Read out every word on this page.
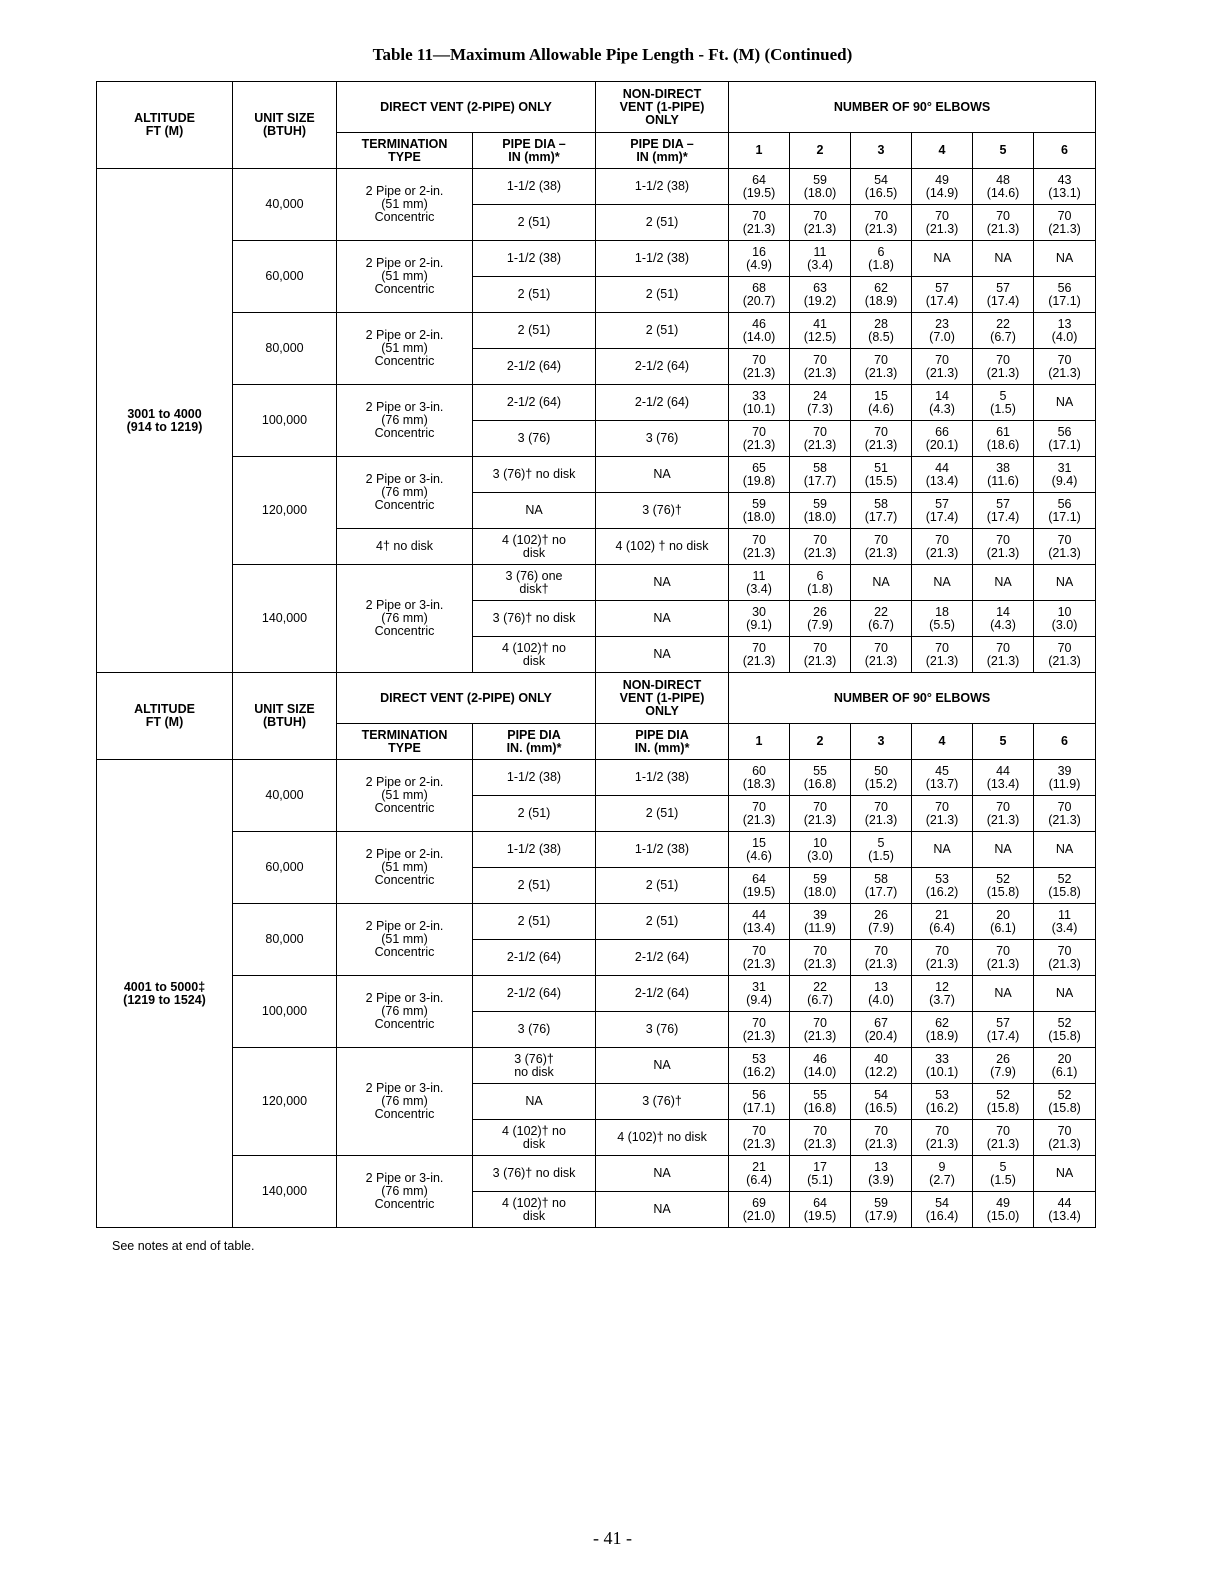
Table 11—Maximum Allowable Pipe Length - Ft. (M) (Continued)
ALTITUDE
FT (M)	UNIT SIZE
(BTUH)	DIRECT VENT (2-PIPE) ONLY		NON-DIRECT
VENT (1-PIPE)
ONLY	NUMBER OF 90° ELBOWS					

		TERMINATION
TYPE	PIPE DIA –
IN (mm)*	PIPE DIA –
IN (mm)*	1	2	3	4	5	6

3001 to 4000
(914 to 1219)	40,000	2 Pipe or 2-in.
(51 mm)
Concentric	1-1/2 (38)	1-1/2 (38)	64
(19.5)	59
(18.0)	54
(16.5)	49
(14.9)	48
(14.6)	43
(13.1)

			2 (51)	2 (51)	70
(21.3)	70
(21.3)	70
(21.3)	70
(21.3)	70
(21.3)	70
(21.3)

	60,000	2 Pipe or 2-in.
(51 mm)
Concentric	1-1/2 (38)	1-1/2 (38)	16
(4.9)	11
(3.4)	6
(1.8)	NA	NA	NA

			2 (51)	2 (51)	68
(20.7)	63
(19.2)	62
(18.9)	57
(17.4)	57
(17.4)	56
(17.1)

	80,000	2 Pipe or 2-in.
(51 mm)
Concentric	2 (51)	2 (51)	46
(14.0)	41
(12.5)	28
(8.5)	23
(7.0)	22
(6.7)	13
(4.0)

			2-1/2 (64)	2-1/2 (64)	70
(21.3)	70
(21.3)	70
(21.3)	70
(21.3)	70
(21.3)	70
(21.3)

	100,000	2 Pipe or 3-in.
(76 mm)
Concentric	2-1/2 (64)	2-1/2 (64)	33
(10.1)	24
(7.3)	15
(4.6)	14
(4.3)	5
(1.5)	NA

			3 (76)	3 (76)	70
(21.3)	70
(21.3)	70
(21.3)	66
(20.1)	61
(18.6)	56
(17.1)

	120,000	2 Pipe or 3-in.
(76 mm)
Concentric	3 (76)† no disk	NA	65
(19.8)	58
(17.7)	51
(15.5)	44
(13.4)	38
(11.6)	31
(9.4)

			NA	3 (76)†	59
(18.0)	59
(18.0)	58
(17.7)	57
(17.4)	57
(17.4)	56
(17.1)

		4† no disk	4 (102)† no
disk	4 (102) † no disk	70
(21.3)	70
(21.3)	70
(21.3)	70
(21.3)	70
(21.3)	70
(21.3)

	140,000	2 Pipe or 3-in.
(76 mm)
Concentric	3 (76) one
disk†	NA	11
(3.4)	6
(1.8)	NA	NA	NA	NA

			3 (76)† no disk	NA	30
(9.1)	26
(7.9)	22
(6.7)	18
(5.5)	14
(4.3)	10
(3.0)

			4 (102)† no
disk	NA	70
(21.3)	70
(21.3)	70
(21.3)	70
(21.3)	70
(21.3)	70
(21.3)

ALTITUDE
FT (M)	UNIT SIZE
(BTUH)	DIRECT VENT (2-PIPE) ONLY		NON-DIRECT
VENT (1-PIPE)
ONLY	NUMBER OF 90° ELBOWS					

		TERMINATION
TYPE	PIPE DIA
IN. (mm)*	PIPE DIA
IN. (mm)*	1	2	3	4	5	6

4001 to 5000‡
(1219 to 1524)	40,000	2 Pipe or 2-in.
(51 mm)
Concentric	1-1/2 (38)	1-1/2 (38)	60
(18.3)	55
(16.8)	50
(15.2)	45
(13.7)	44
(13.4)	39
(11.9)

			2 (51)	2 (51)	70
(21.3)	70
(21.3)	70
(21.3)	70
(21.3)	70
(21.3)	70
(21.3)

	60,000	2 Pipe or 2-in.
(51 mm)
Concentric	1-1/2 (38)	1-1/2 (38)	15
(4.6)	10
(3.0)	5
(1.5)	NA	NA	NA

			2 (51)	2 (51)	64
(19.5)	59
(18.0)	58
(17.7)	53
(16.2)	52
(15.8)	52
(15.8)

	80,000	2 Pipe or 2-in.
(51 mm)
Concentric	2 (51)	2 (51)	44
(13.4)	39
(11.9)	26
(7.9)	21
(6.4)	20
(6.1)	11
(3.4)

			2-1/2 (64)	2-1/2 (64)	70
(21.3)	70
(21.3)	70
(21.3)	70
(21.3)	70
(21.3)	70
(21.3)

	100,000	2 Pipe or 3-in.
(76 mm)
Concentric	2-1/2 (64)	2-1/2 (64)	31
(9.4)	22
(6.7)	13
(4.0)	12
(3.7)	NA	NA

			3 (76)	3 (76)	70
(21.3)	70
(21.3)	67
(20.4)	62
(18.9)	57
(17.4)	52
(15.8)

	120,000	2 Pipe or 3-in.
(76 mm)
Concentric	3 (76)†
no disk	NA	53
(16.2)	46
(14.0)	40
(12.2)	33
(10.1)	26
(7.9)	20
(6.1)

			NA	3 (76)†	56
(17.1)	55
(16.8)	54
(16.5)	53
(16.2)	52
(15.8)	52
(15.8)

			4 (102)† no
disk	4 (102)† no disk	70
(21.3)	70
(21.3)	70
(21.3)	70
(21.3)	70
(21.3)	70
(21.3)

	140,000	2 Pipe or 3-in.
(76 mm)
Concentric	3 (76)† no disk	NA	21
(6.4)	17
(5.1)	13
(3.9)	9
(2.7)	5
(1.5)	NA

			4 (102)† no
disk	NA	69
(21.0)	64
(19.5)	59
(17.9)	54
(16.4)	49
(15.0)	44
(13.4)
See notes at end of table.
- 41 -
